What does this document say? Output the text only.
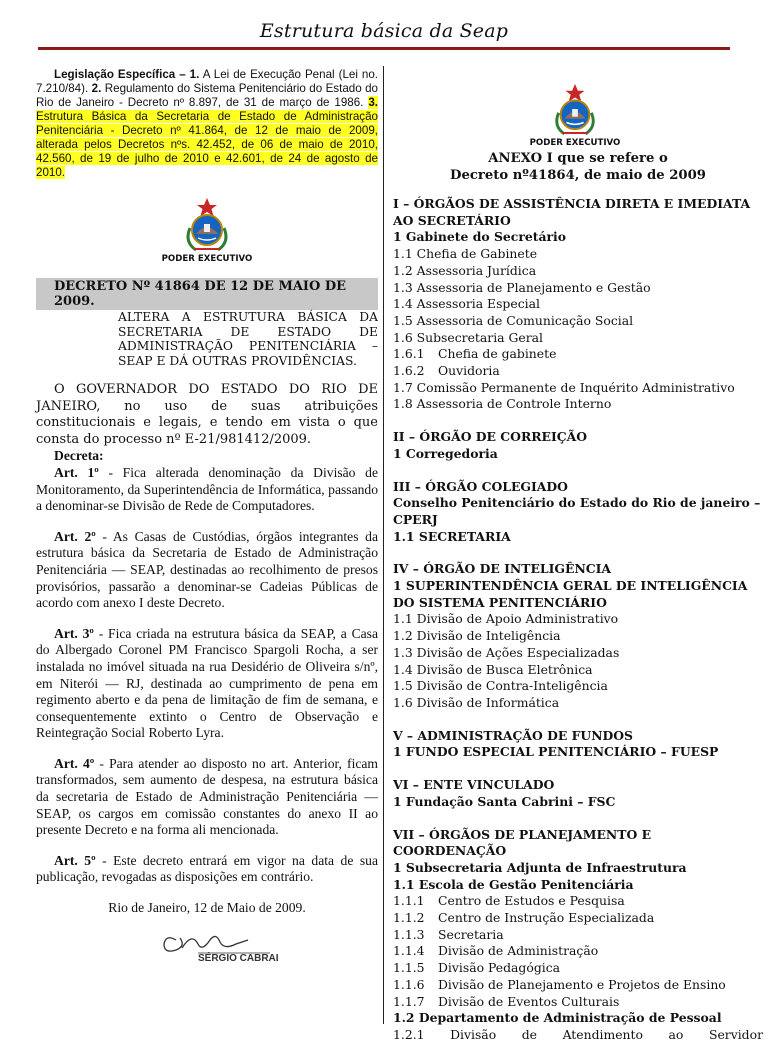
Estrutura básica da Seap

Legislação Específica – 1. A Lei de Execução Penal (Lei no. 7.210/84). 2. Regulamento do Sistema Penitenciário do Estado do Rio de Janeiro - Decreto nº 8.897, de 31 de março de 1986. 3. Estrutura Básica da Secretaria de Estado de Administração Penitenciária - Decreto nº 41.864, de 12 de maio de 2009, alterada pelos Decretos nºs. 42.452, de 06 de maio de 2010, 42.560, de 19 de julho de 2010 e 42.601, de 24 de agosto de 2010.

PODER EXECUTIVO
DECRETO Nº 41864 DE 12 DE MAIO DE 2009.
ALTERA A ESTRUTURA BÁSICA DA SECRETARIA DE ESTADO DE ADMINISTRAÇÃO PENITENCIÁRIA – SEAP E DÁ OUTRAS PROVIDÊNCIAS.

O GOVERNADOR DO ESTADO DO RIO DE JANEIRO, no uso de suas atribuições constitucionais e legais, e tendo em vista o que consta do processo nº E-21/981412/2009.

Decreta:

Art. 1º - Fica alterada denominação da Divisão de Monitoramento, da Superintendência de Informática, passando a denominar-se Divisão de Rede de Computadores.

Art. 2º - As Casas de Custódias, órgãos integrantes da estrutura básica da Secretaria de Estado de Administração Penitenciária — SEAP, destinadas ao recolhimento de presos provisórios, passarão a denominar-se Cadeias Públicas de acordo com anexo I deste Decreto.

Art. 3º - Fica criada na estrutura básica da SEAP, a Casa do Albergado Coronel PM Francisco Spargoli Rocha, a ser instalada no imóvel situada na rua Desidério de Oliveira s/nº, em Niterói — RJ, destinada ao cumprimento de pena em regimento aberto e da pena de limitação de fim de semana, e consequentemente extinto o Centro de Observação e Reintegração Social Roberto Lyra.

Art. 4º - Para atender ao disposto no art. Anterior, ficam transformados, sem aumento de despesa, na estrutura básica da secretaria de Estado de Administração Penitenciária — SEAP, os cargos em comissão constantes do anexo II ao presente Decreto e na forma ali mencionada.

Art. 5º - Este decreto entrará em vigor na data de sua publicação, revogadas as disposições em contrário.

Rio de Janeiro, 12 de Maio de 2009.
SÉRGIO CABRAL
PODER EXECUTIVO
ANEXO I que se refere o
Decreto nº41864, de maio de 2009
I – ÓRGÃOS DE ASSISTÊNCIA DIRETA E IMEDIATA AO SECRETÁRIO
1 Gabinete do Secretário
1.1 Chefia de Gabinete
1.2 Assessoria Jurídica
1.3 Assessoria de Planejamento e Gestão
1.4 Assessoria Especial
1.5 Assessoria de Comunicação Social
1.6 Subsecretaria Geral
1.6.1 Chefia de gabinete
1.6.2 Ouvidoria
1.7 Comissão Permanente de Inquérito Administrativo
1.8 Assessoria de Controle Interno
II – ÓRGÃO DE CORREIÇÃO
1 Corregedoria
III – ÓRGÃO COLEGIADO
Conselho Penitenciário do Estado do Rio de janeiro – CPERJ
1.1 SECRETARIA
IV – ÓRGÃO DE INTELIGÊNCIA
1 SUPERINTENDÊNCIA GERAL DE INTELIGÊNCIA DO SISTEMA PENITENCIÁRIO
1.1 Divisão de Apoio Administrativo
1.2 Divisão de Inteligência
1.3 Divisão de Ações Especializadas
1.4 Divisão de Busca Eletrônica
1.5 Divisão de Contra-Inteligência
1.6 Divisão de Informática
V – ADMINISTRAÇÃO DE FUNDOS
1 FUNDO ESPECIAL PENITENCIÁRIO – FUESP
VI – ENTE VINCULADO
1 Fundação Santa Cabrini – FSC
VII – ÓRGÃOS DE PLANEJAMENTO E COORDENAÇÃO
1 Subsecretaria Adjunta de Infraestrutura
1.1 Escola de Gestão Penitenciária
1.1.1 Centro de Estudos e Pesquisa
1.1.2 Centro de Instrução Especializada
1.1.3 Secretaria
1.1.4 Divisão de Administração
1.1.5 Divisão Pedagógica
1.1.6 Divisão de Planejamento e Projetos de Ensino
1.1.7 Divisão de Eventos Culturais
1.2 Departamento de Administração de Pessoal
1.2.1 Divisão de Atendimento ao Servidor
